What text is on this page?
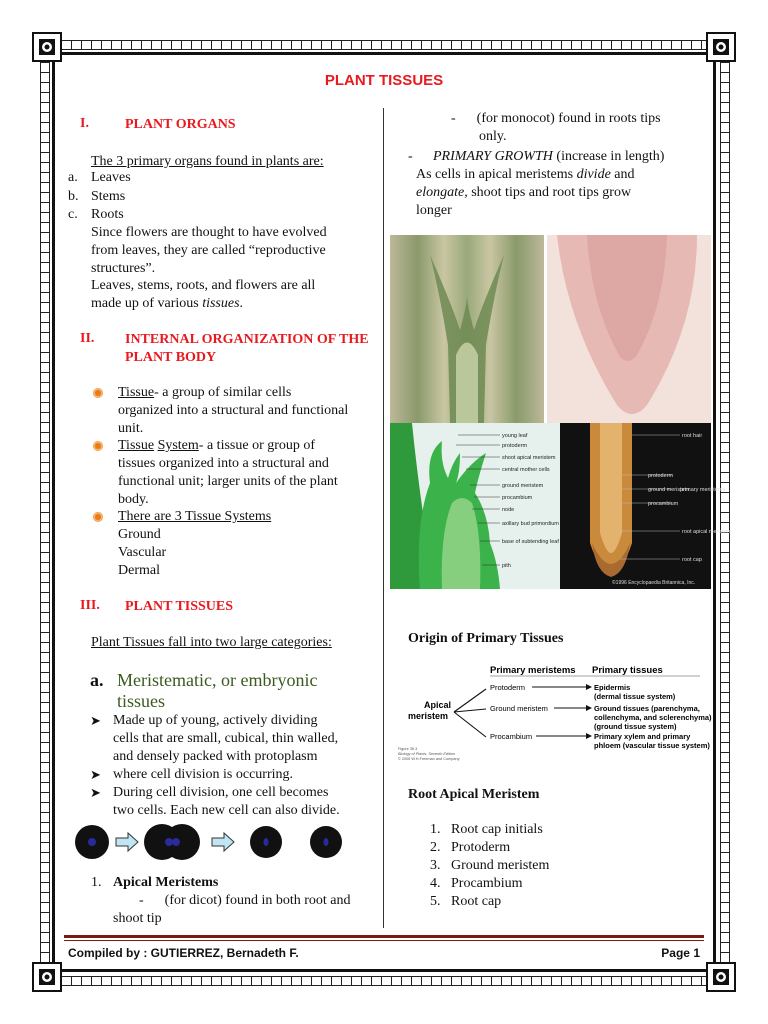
PLANT TISSUES
I.	PLANT ORGANS
The 3 primary organs found in plants are:
a. Leaves
b. Stems
c. Roots
Since flowers are thought to have evolved
from leaves, they are called “reproductive
structures”.
Leaves, stems, roots, and flowers are all
made up of various tissues.
II. INTERNAL ORGANIZATION OF THE PLANT BODY
Tissue- a group of similar cells
organized into a structural and functional
unit.
Tissue System- a tissue or group of
tissues organized into a structural and
functional unit; larger units of the plant
body.
There are 3 Tissue Systems
Ground
Vascular
Dermal
III. PLANT TISSUES
Plant Tissues fall into two large categories:
a. Meristematic, or embryonic
tissues
➤ Made up of young, actively dividing
cells that are small, cubical, thin walled,
and densely packed with protoplasm
➤ where cell division is occurring.
➤ During cell division, one cell becomes
two cells. Each new cell can also divide.
1. Apical Meristems
-      (for dicot) found in both root and
shoot tip
-      (for monocot) found in roots tips
only.
- PRIMARY GROWTH (increase in length)
As cells in apical meristems divide and
elongate, shoot tips and root tips grow
longer
young leaf
protoderm
shoot apical meristem
central mother cells
ground meristem
procambium
node
axillary bud primordium
base of subtending leaf
pith
root hair
protoderm
ground meristem
procambium
primary meristems
root apical meristem
root cap
©1996 Encyclopaedia Britannica, Inc.
Origin of Primary Tissues
Primary meristems Primary tissues
Apical
meristem
Protoderm	Epidermis
(dermal tissue system)
Ground meristem	Ground tissues (parenchyma,
collenchyma, and sclerenchyma)
(ground tissue system)
Procambium	Primary xylem and primary
phloem (vascular tissue system)
Figure 35.3
Biology of Plants, Seventh Edition
© 2005 W.H.Freeman and Company
Root Apical Meristem
1. Root cap initials
2. Protoderm
3. Ground meristem
4. Procambium
5. Root cap
Compiled by : GUTIERREZ, Bernadeth F.	Page 1
